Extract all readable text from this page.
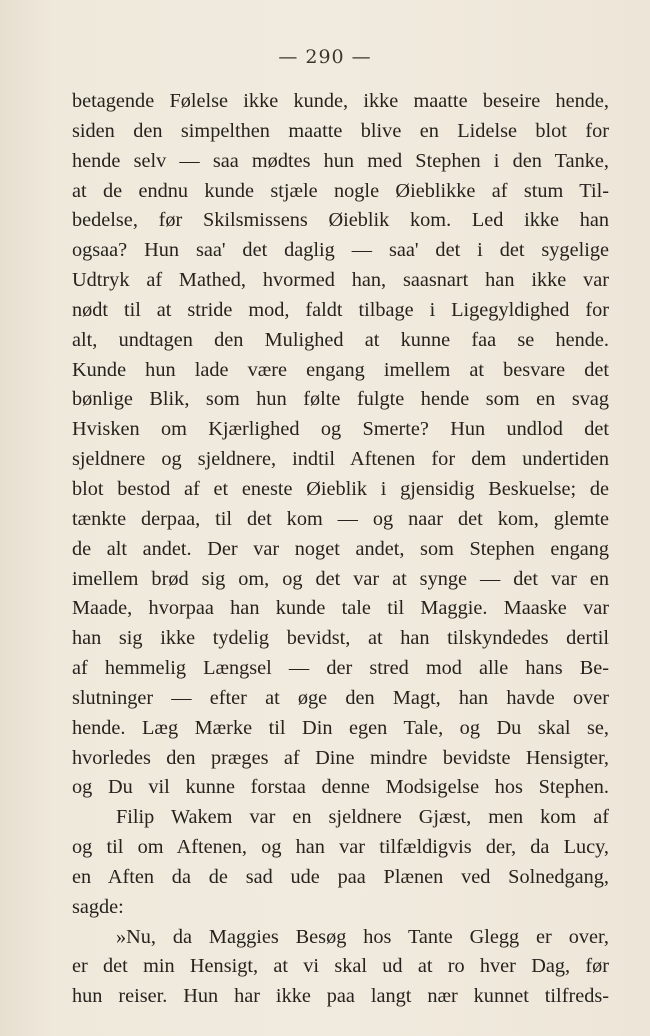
— 290 —
betagende Følelse ikke kunde, ikke maatte beseire hende,
siden den simpelthen maatte blive en Lidelse blot for
hende selv — saa mødtes hun med Stephen i den Tanke,
at de endnu kunde stjæle nogle Øieblikke af stum Til-
bedelse, før Skilsmissens Øieblik kom. Led ikke han
ogsaa? Hun saa' det daglig — saa' det i det sygelige
Udtryk af Mathed, hvormed han, saasnart han ikke var
nødt til at stride mod, faldt tilbage i Ligegyldighed for
alt, undtagen den Mulighed at kunne faa se hende.
Kunde hun lade være engang imellem at besvare det
bønlige Blik, som hun følte fulgte hende som en svag
Hvisken om Kjærlighed og Smerte? Hun undlod det
sjeldnere og sjeldnere, indtil Aftenen for dem undertiden
blot bestod af et eneste Øieblik i gjensidig Beskuelse; de
tænkte derpaa, til det kom — og naar det kom, glemte
de alt andet. Der var noget andet, som Stephen engang
imellem brød sig om, og det var at synge — det var en
Maade, hvorpaa han kunde tale til Maggie. Maaske var
han sig ikke tydelig bevidst, at han tilskyndedes dertil
af hemmelig Længsel — der stred mod alle hans Be-
slutninger — efter at øge den Magt, han havde over
hende. Læg Mærke til Din egen Tale, og Du skal se,
hvorledes den præges af Dine mindre bevidste Hensigter,
og Du vil kunne forstaa denne Modsigelse hos Stephen.
Filip Wakem var en sjeldnere Gjæst, men kom af
og til om Aftenen, og han var tilfældigvis der, da Lucy,
en Aften da de sad ude paa Plænen ved Solnedgang,
sagde:
»Nu, da Maggies Besøg hos Tante Glegg er over,
er det min Hensigt, at vi skal ud at ro hver Dag, før
hun reiser. Hun har ikke paa langt nær kunnet tilfreds-
